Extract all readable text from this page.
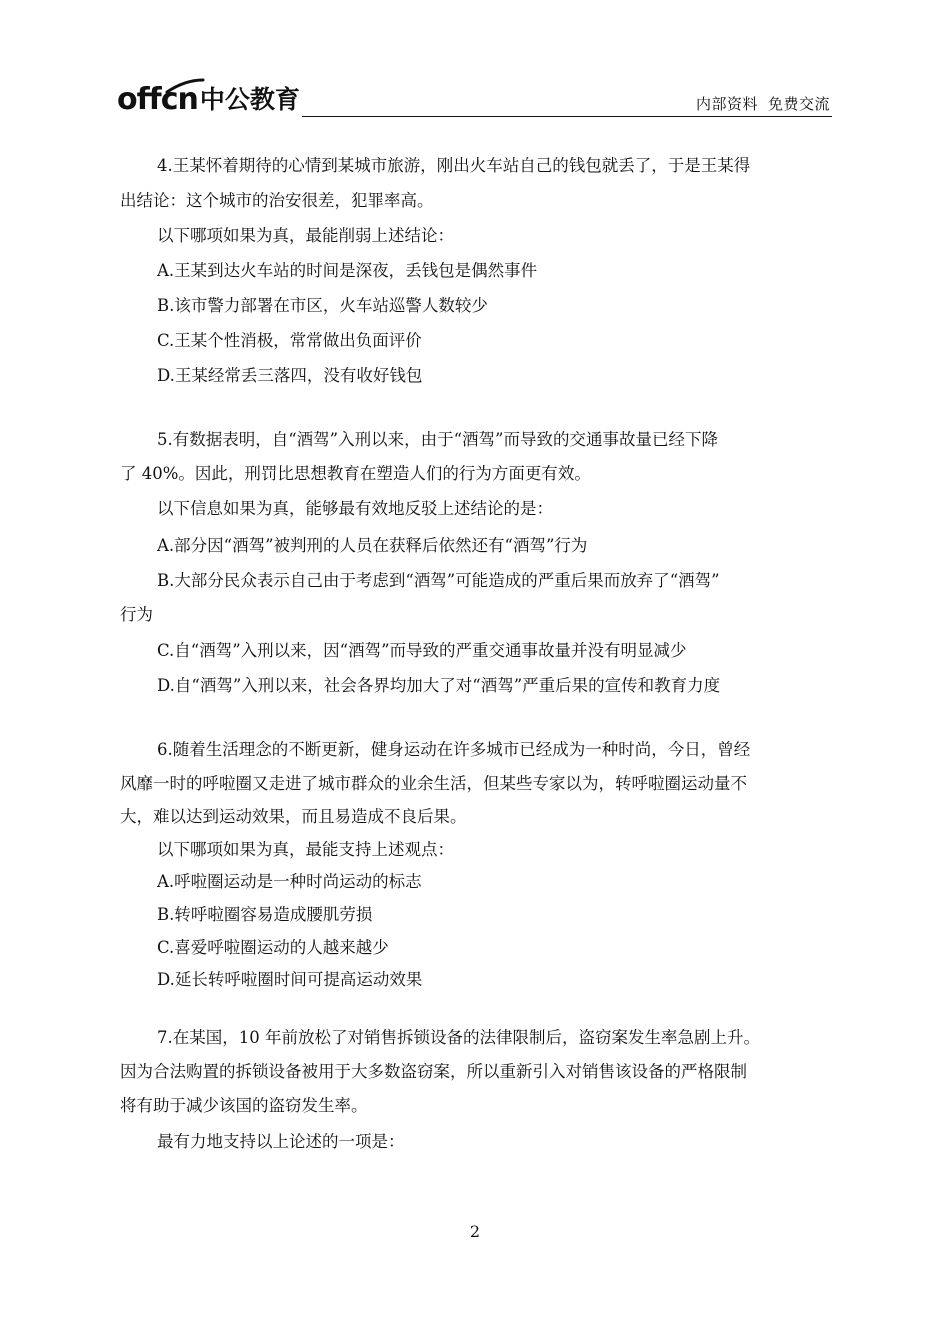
offcn 中公教育	内部资料 免费交流
4.王某怀着期待的心情到某城市旅游，刚出火车站自己的钱包就丢了，于是王某得
出结论：这个城市的治安很差，犯罪率高。
以下哪项如果为真，最能削弱上述结论：
A.王某到达火车站的时间是深夜，丢钱包是偶然事件
B.该市警力部署在市区，火车站巡警人数较少
C.王某个性消极，常常做出负面评价
D.王某经常丢三落四，没有收好钱包
5.有数据表明，自“酒驾”入刑以来，由于“酒驾”而导致的交通事故量已经下降
了 40%。因此，刑罚比思想教育在塑造人们的行为方面更有效。
以下信息如果为真，能够最有效地反驳上述结论的是：
A.部分因“酒驾”被判刑的人员在获释后依然还有“酒驾”行为
B.大部分民众表示自己由于考虑到“酒驾”可能造成的严重后果而放弃了“酒驾”
行为
C.自“酒驾”入刑以来，因“酒驾”而导致的严重交通事故量并没有明显减少
D.自“酒驾”入刑以来，社会各界均加大了对“酒驾”严重后果的宣传和教育力度
6.随着生活理念的不断更新，健身运动在许多城市已经成为一种时尚，今日，曾经
风靡一时的呼啦圈又走进了城市群众的业余生活，但某些专家以为，转呼啦圈运动量不
大，难以达到运动效果，而且易造成不良后果。
以下哪项如果为真，最能支持上述观点：
A.呼啦圈运动是一种时尚运动的标志
B.转呼啦圈容易造成腰肌劳损
C.喜爱呼啦圈运动的人越来越少
D.延长转呼啦圈时间可提高运动效果
7.在某国，10 年前放松了对销售拆锁设备的法律限制后，盗窃案发生率急剧上升。
因为合法购置的拆锁设备被用于大多数盗窃案，所以重新引入对销售该设备的严格限制
将有助于减少该国的盗窃发生率。
最有力地支持以上论述的一项是：
2
